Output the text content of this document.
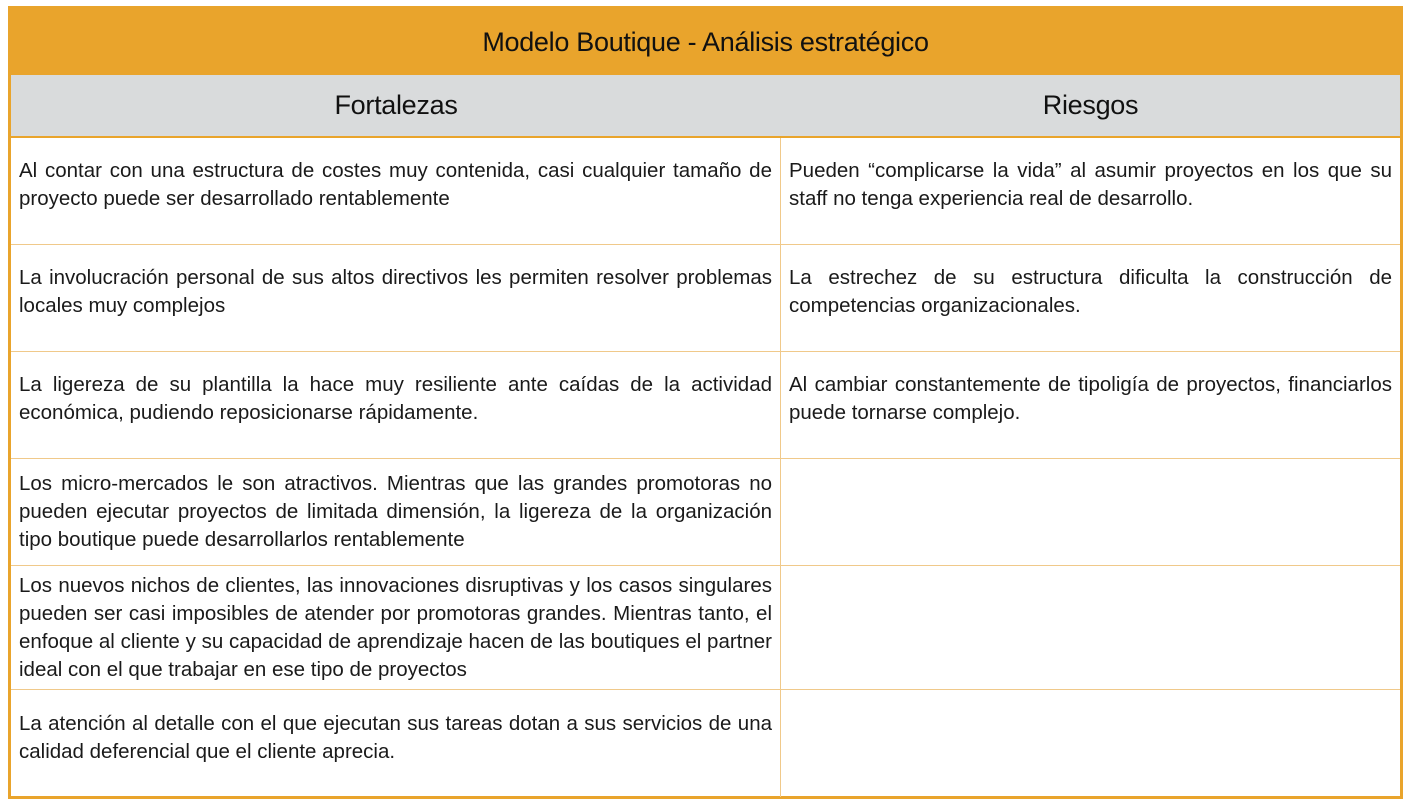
Modelo Boutique - Análisis estratégico
Fortalezas	Riesgos
Al contar con una estructura de costes muy contenida, casi cualquier tamaño de proyecto puede ser desarrollado rentablemente
Pueden “complicarse la vida” al asumir proyectos en los que su staff no tenga experiencia real de desarrollo.
La involucración personal de sus altos directivos les permiten resolver problemas locales muy complejos
La estrechez de su estructura dificulta la construcción de competencias organizacionales.
La ligereza de su plantilla la hace muy resiliente ante caídas de la actividad económica, pudiendo reposicionarse rápidamente.
Al cambiar constantemente de tipoligía de proyectos, financiarlos puede tornarse complejo.
Los micro-mercados le son atractivos. Mientras que las grandes promotoras no pueden ejecutar proyectos de limitada dimensión, la ligereza de la organización tipo boutique puede desarrollarlos rentablemente
Los nuevos nichos de clientes, las innovaciones disruptivas y los casos singulares pueden ser casi imposibles de atender por promotoras grandes. Mientras tanto, el enfoque al cliente y su capacidad de aprendizaje hacen de las boutiques el partner ideal con el que trabajar en ese tipo de proyectos
La atención al detalle con el que ejecutan sus tareas dotan a sus servicios de una calidad deferencial que el cliente aprecia.
